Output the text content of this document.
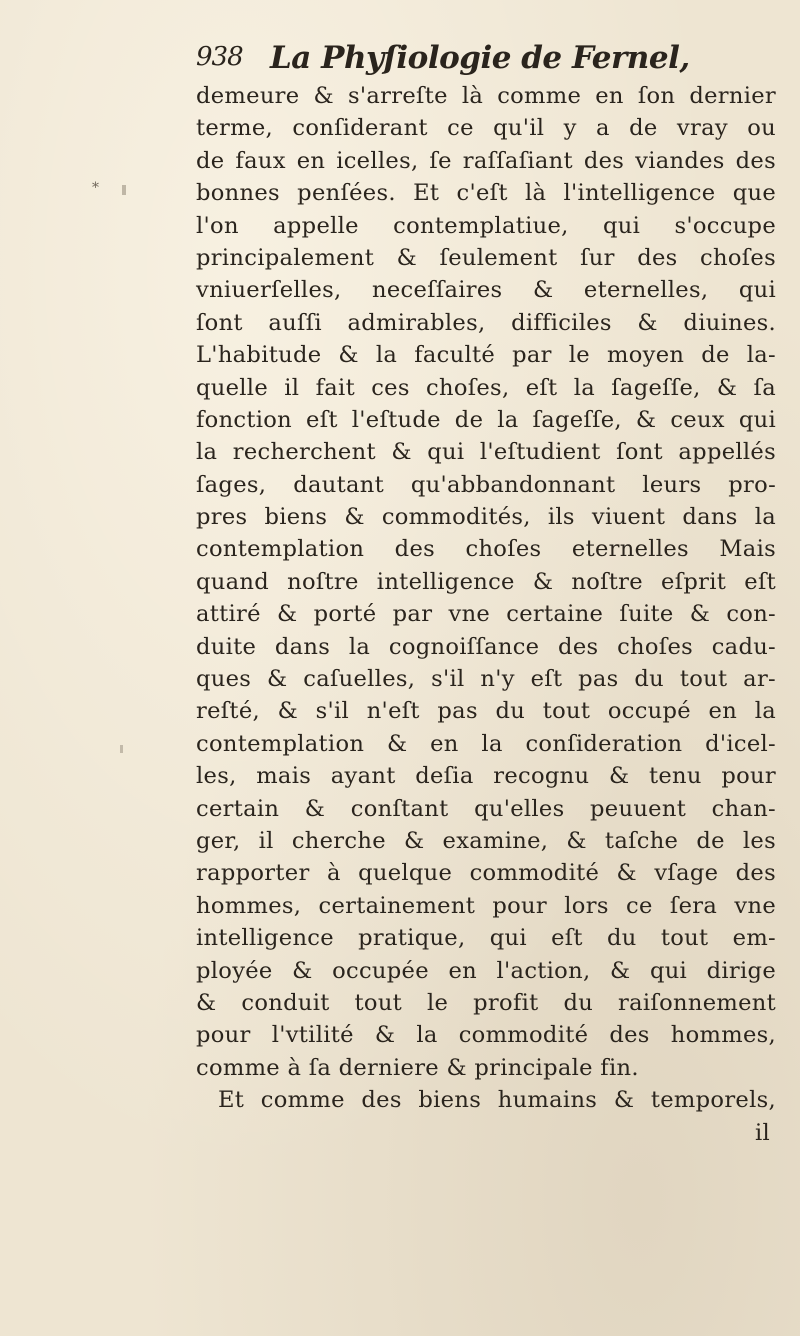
938 La Phyſiologie de Fernel,
*
demeure & s'arreſte là comme en ſon dernier
terme, conſiderant ce qu'il y a de vray ou
de faux en icelles, ſe raſſaſiant des viandes des
bonnes penſées. Et c'eſt là l'intelligence que
l'on appelle contemplatiue, qui s'occupe
principalement & ſeulement ſur des choſes
vniuerſelles, neceſſaires & eternelles, qui
ſont auſſi admirables, difficiles & diuines.
L'habitude & la faculté par le moyen de la-
quelle il fait ces choſes, eſt la ſageſſe, & ſa
fonction eſt l'eſtude de la ſageſſe, & ceux qui
la recherchent & qui l'eſtudient ſont appellés
ſages, dautant qu'abbandonnant leurs pro-
pres biens & commodités, ils viuent dans la
contemplation des choſes eternelles Mais
quand noſtre intelligence & noſtre eſprit eſt
attiré & porté par vne certaine ſuite & con-
duite dans la cognoiſſance des choſes cadu-
ques & caſuelles, s'il n'y eſt pas du tout ar-
reſté, & s'il n'eſt pas du tout occupé en la
contemplation & en la conſideration d'icel-
les, mais ayant deſia recognu & tenu pour
certain & conſtant qu'elles peuuent chan-
ger, il cherche & examine, & taſche de les
rapporter à quelque commodité & vſage des
hommes, certainement pour lors ce ſera vne
intelligence pratique, qui eſt du tout em-
ployée & occupée en l'action, & qui dirige
& conduit tout le profit du raiſonnement
pour l'vtilité & la commodité des hommes,
comme à ſa derniere & principale fin.
Et comme des biens humains & temporels,
il
